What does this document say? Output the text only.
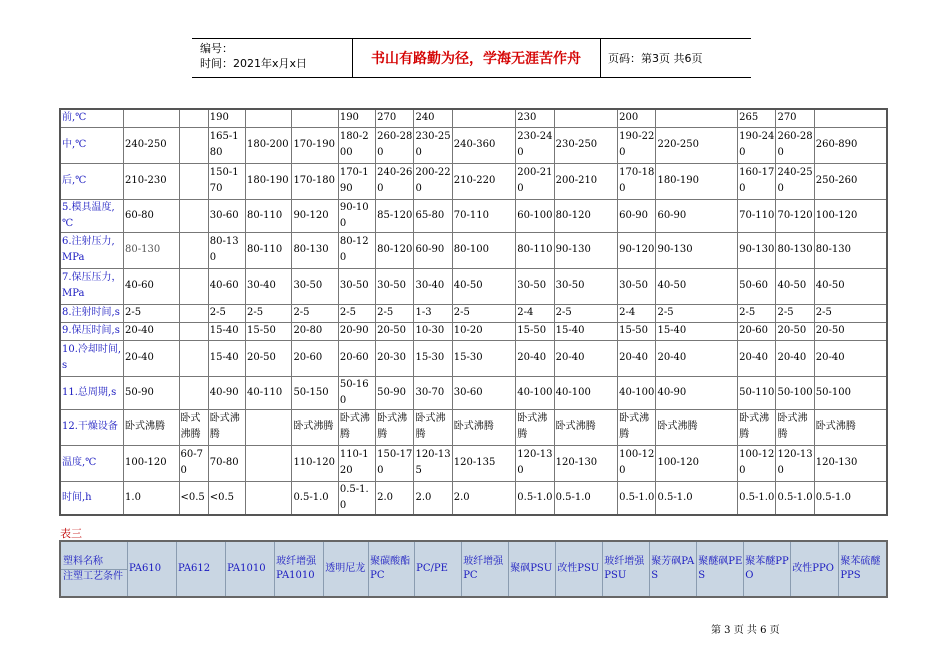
编号：
时间：2021年x月x日	书山有路勤为径，学海无涯苦作舟	页码：第3页 共6页
前,℃			190			190	270	240		230		200		265	270	
中,℃	240-250		165-180	180-200	170-190	180-200	260-280	230-250	240-360	230-240	230-250	190-220	220-250	190-240	260-280	260-890
后,℃	210-230		150-170	180-190	170-180	170-190	240-260	200-220	210-220	200-210	200-210	170-180	180-190	160-170	240-250	250-260
5.模具温度,℃	60-80		30-60	80-110	90-120	90-100	85-120	65-80	70-110	60-100	80-120	60-90	60-90	70-110	70-120	100-120
6.注射压力,MPa	80-130		80-130	80-110	80-130	80-120	80-120	60-90	80-100	80-110	90-130	90-120	90-130	90-130	80-130	80-130
7.保压压力，MPa	40-60		40-60	30-40	30-50	30-50	30-50	30-40	40-50	30-50	30-50	30-50	40-50	50-60	40-50	40-50
8.注射时间,s	2-5		2-5	2-5	2-5	2-5	2-5	1-3	2-5	2-4	2-5	2-4	2-5	2-5	2-5	2-5
9.保压时间,s	20-40		15-40	15-50	20-80	20-90	20-50	10-30	10-20	15-50	15-40	15-50	15-40	20-60	20-50	20-50
10.冷却时间,s	20-40		15-40	20-50	20-60	20-60	20-30	15-30	15-30	20-40	20-40	20-40	20-40	20-40	20-40	20-40
11.总周期,s	50-90		40-90	40-110	50-150	50-160	50-90	30-70	30-60	40-100	40-100	40-100	40-90	50-110	50-100	50-100
12.干燥设备	卧式沸腾	卧式沸腾	卧式沸腾		卧式沸腾	卧式沸腾	卧式沸腾	卧式沸腾	卧式沸腾	卧式沸腾	卧式沸腾	卧式沸腾	卧式沸腾	卧式沸腾	卧式沸腾	卧式沸腾
温度,℃	100-120	60-70	70-80		110-120	110-120	150-170	120-135	120-135	120-130	120-130	100-120	100-120	100-120	120-130	120-130
时间,h	1.0	<0.5	<0.5		0.5-1.0	0.5-1.0	2.0	2.0	2.0	0.5-1.0	0.5-1.0	0.5-1.0	0.5-1.0	0.5-1.0	0.5-1.0	0.5-1.0
表三
塑料名称
注塑工艺条件
	PA610	PA612	PA1010	玻纤增强PA1010	透明尼龙	聚碳酸酯PC	PC/PE	玻纤增强PC	聚砜PSU	改性PSU	玻纤增强PSU	聚芳砜PAS	聚醚砜PES	聚苯醚PPO	改性PPO	聚苯硫醚PPS
第 3 页 共 6 页
